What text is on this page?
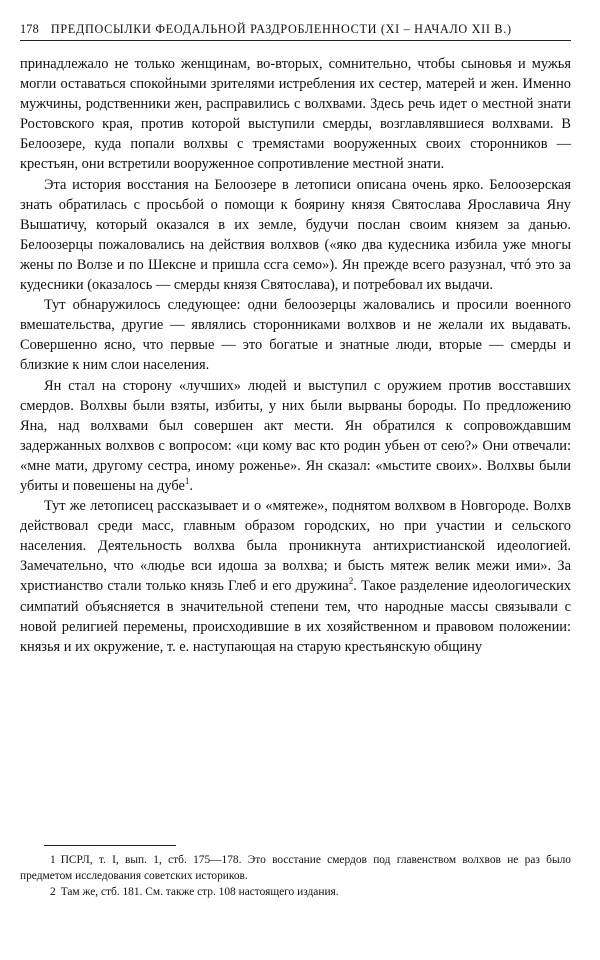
178 ПРЕДПОСЫЛКИ ФЕОДАЛЬНОЙ РАЗДРОБЛЕННОСТИ (XI – НАЧАЛО XII В.)

принадлежало не только женщинам, во-вторых, сомнительно, чтобы сыновья и мужья могли оставаться спокойными зрителями истребления их сестер, матерей и жен. Именно мужчины, родственники жен, расправились с волхвами. Здесь речь идет о местной знати Ростовского края, против которой выступили смерды, возглавлявшиеся волхвами. В Белоозере, куда попали волхвы с тремястами вооруженных своих сторонников — крестьян, они встретили вооруженное сопротивление местной знати.

Эта история восстания на Белоозере в летописи описана очень ярко. Белоозерская знать обратилась с просьбой о помощи к боярину князя Святослава Ярославича Яну Вышатичу, который оказался в их земле, будучи послан своим князем за данью. Белоозерцы пожаловались на действия волхвов («яко два кудесника избила уже многы жены по Волзе и по Шексне и пришла ссга семо»). Ян прежде всего разузнал, чтó это за кудесники (оказалось — смерды князя Святослава), и потребовал их выдачи.

Тут обнаружилось следующее: одни белоозерцы жаловались и просили военного вмешательства, другие — являлись сторонниками волхвов и не желали их выдавать. Совершенно ясно, что первые — это богатые и знатные люди, вторые — смерды и близкие к ним слои населения.

Ян стал на сторону «лучших» людей и выступил с оружием против восставших смердов. Волхвы были взяты, избиты, у них были вырваны бороды. По предложению Яна, над волхвами был совершен акт мести. Ян обратился к сопровождавшим задержанных волхвов с вопросом: «ци кому вас кто родин убьен от сею?» Они отвечали: «мне мати, другому сестра, иному роженье». Ян сказал: «мьстите своих». Волхвы были убиты и повешены на дубе$^1$.

Тут же летописец рассказывает и о «мятеже», поднятом волхвом в Новгороде. Волхв действовал среди масс, главным образом городских, но при участии и сельского населения. Деятельность волхва была проникнута антихристианской идеологией. Замечательно, что «людье вси идоша за волхва; и бысть мятеж велик межи ими». За христианство стали только князь Глеб и его дружина$^2$. Такое разделение идеологических симпатий объясняется в значительной степени тем, что народные массы связывали с новой религией перемены, происходившие в их хозяйственном и правовом положении: князья и их окружение, т. е. наступающая на старую крестьянскую общину

1 ПСРЛ, т. I, вып. 1, стб. 175—178. Это восстание смердов под главенством волхвов не раз было предметом исследования советских историков.

2 Там же, стб. 181. См. также стр. 108 настоящего издания.
